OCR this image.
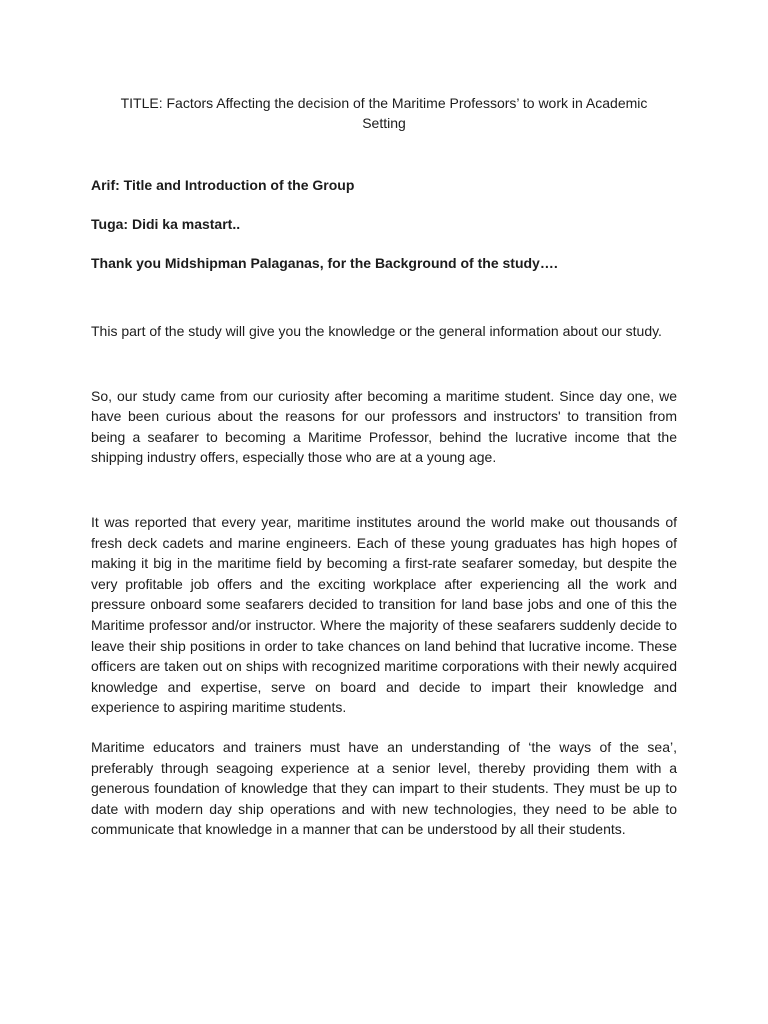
TITLE: Factors Affecting the decision of the Maritime Professors’ to work in Academic Setting

Arif: Title and Introduction of the Group

Tuga: Didi ka mastart..

Thank you Midshipman Palaganas, for the Background of the study….

This part of the study will give you the knowledge or the general information about our study.

So, our study came from our curiosity after becoming a maritime student. Since day one, we have been curious about the reasons for our professors and instructors' to transition from being a seafarer to becoming a Maritime Professor, behind the lucrative income that the shipping industry offers, especially those who are at a young age.

It was reported that every year, maritime institutes around the world make out thousands of fresh deck cadets and marine engineers. Each of these young graduates has high hopes of making it big in the maritime field by becoming a first-rate seafarer someday, but despite the very profitable job offers and the exciting workplace after experiencing all the work and pressure onboard some seafarers decided to transition for land base jobs and one of this the Maritime professor and/or instructor. Where the majority of these seafarers suddenly decide to leave their ship positions in order to take chances on land behind that lucrative income. These officers are taken out on ships with recognized maritime corporations with their newly acquired knowledge and expertise, serve on board and decide to impart their knowledge and experience to aspiring maritime students.

Maritime educators and trainers must have an understanding of ‘the ways of the sea’, preferably through seagoing experience at a senior level, thereby providing them with a generous foundation of knowledge that they can impart to their students. They must be up to date with modern day ship operations and with new technologies, they need to be able to communicate that knowledge in a manner that can be understood by all their students.
